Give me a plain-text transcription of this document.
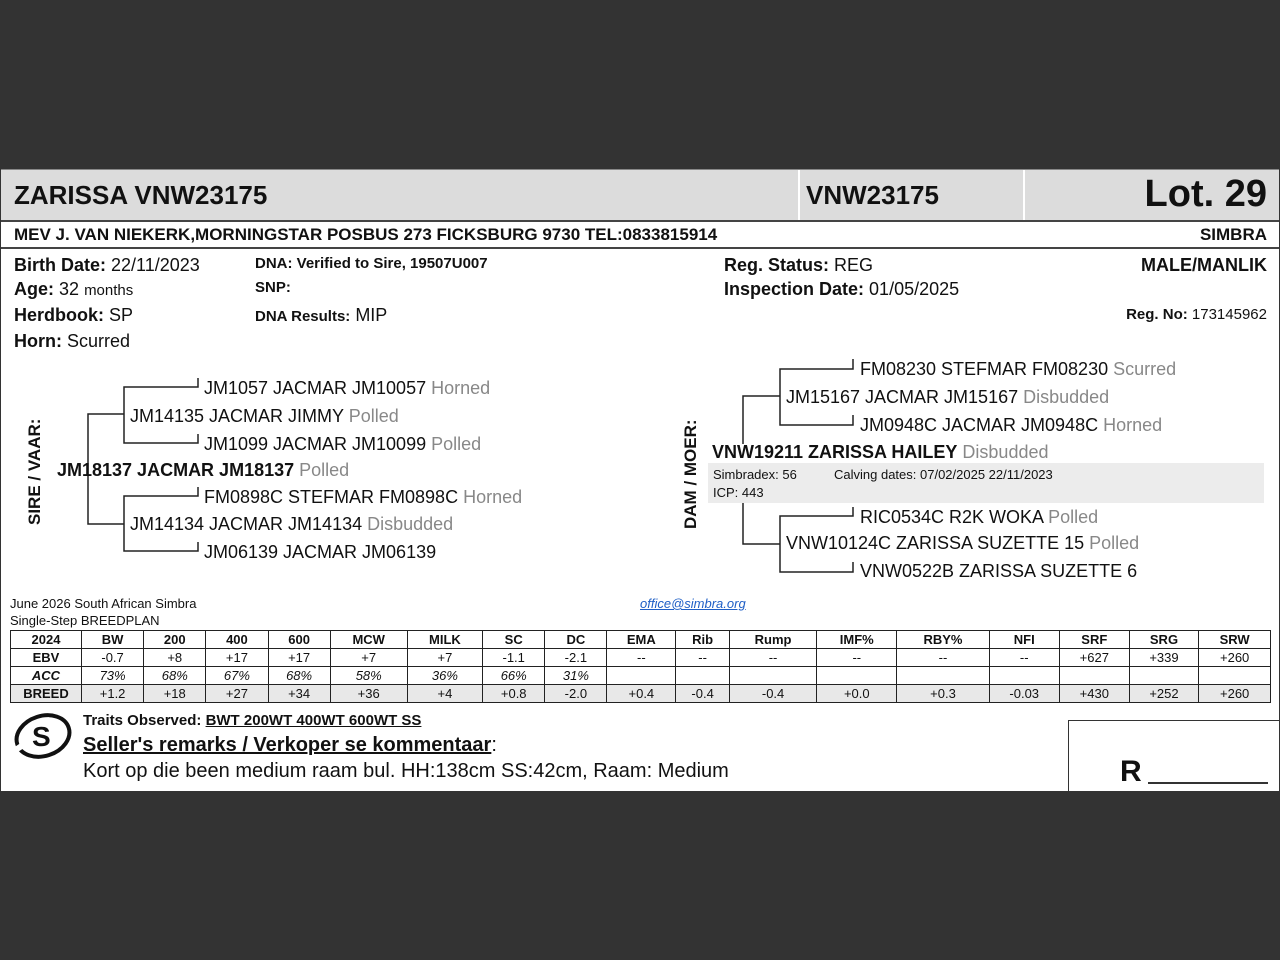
ZARISSA VNW23175	VNW23175	Lot. 29
MEV J. VAN NIEKERK,MORNINGSTAR POSBUS 273 FICKSBURG 9730 TEL:0833815914	SIMBRA
Birth Date: 22/11/2023
Age: 32 months
Herdbook: SP
Horn: Scurred
DNA: Verified to Sire, 19507U007
SNP:
DNA Results: MIP
Reg. Status: REG
Inspection Date: 01/05/2025
MALE/MANLIK
Reg. No: 173145962
SIRE / VAAR:
JM1057 JACMAR JM10057 Horned
JM14135 JACMAR JIMMY Polled
JM1099 JACMAR JM10099 Polled
JM18137 JACMAR JM18137 Polled
FM0898C STEFMAR FM0898C Horned
JM14134 JACMAR JM14134 Disbudded
JM06139 JACMAR JM06139
DAM / MOER:
FM08230 STEFMAR FM08230 Scurred
JM15167 JACMAR JM15167 Disbudded
JM0948C JACMAR JM0948C Horned
VNW19211 ZARISSA HAILEY Disbudded
Simbradex: 56	Calving dates: 07/02/2025 22/11/2023
ICP: 443
RIC0534C R2K WOKA Polled
VNW10124C ZARISSA SUZETTE 15 Polled
VNW0522B ZARISSA SUZETTE 6
June 2026 South African Simbra
Single-Step BREEDPLAN
office@simbra.org
2024	BW	200	400	600	MCW	MILK	SC	DC	EMA	Rib	Rump	IMF%	RBY%	NFI	SRF	SRG	SRW
EBV	-0.7	+8	+17	+17	+7	+7	-1.1	-2.1	--	--	--	--	--	--	+627	+339	+260
ACC	73%	68%	67%	68%	58%	36%	66%	31%									
BREED	+1.2	+18	+27	+34	+36	+4	+0.8	-2.0	+0.4	-0.4	-0.4	+0.0	+0.3	-0.03	+430	+252	+260
S
Traits Observed: BWT 200WT 400WT 600WT SS
Seller's remarks / Verkoper se kommentaar:
Kort op die been medium raam bul. HH:138cm SS:42cm, Raam: Medium	R
